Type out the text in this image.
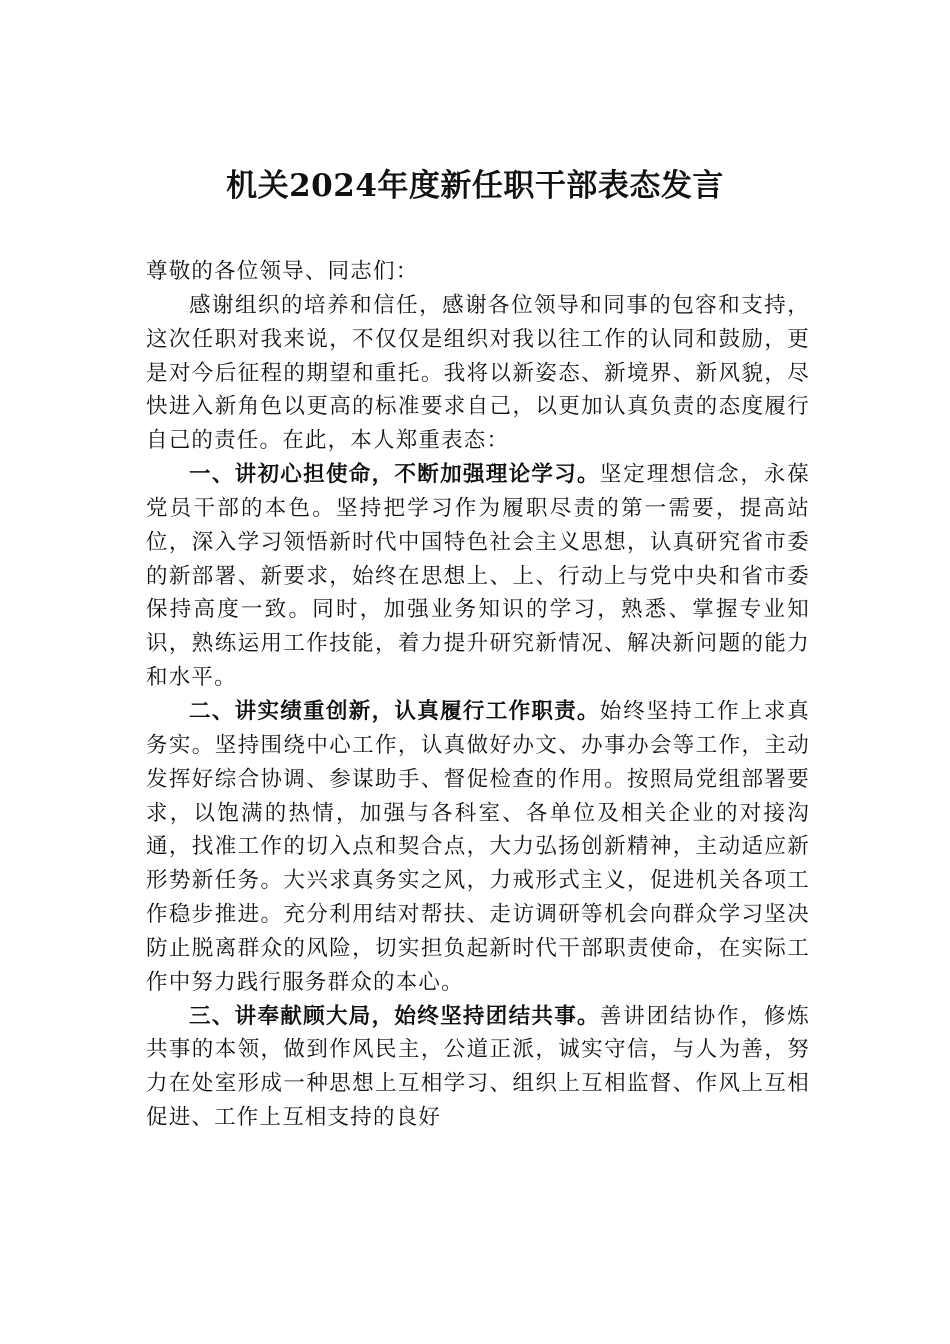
机关2024年度新任职干部表态发言

尊敬的各位领导、同志们：

感谢组织的培养和信任，感谢各位领导和同事的包容和支持，这次任职对我来说，不仅仅是组织对我以往工作的认同和鼓励，更是对今后征程的期望和重托。我将以新姿态、新境界、新风貌，尽快进入新角色以更高的标准要求自己，以更加认真负责的态度履行自己的责任。在此，本人郑重表态：

一、讲初心担使命，不断加强理论学习。坚定理想信念，永葆党员干部的本色。坚持把学习作为履职尽责的第一需要，提高站位，深入学习领悟新时代中国特色社会主义思想，认真研究省市委的新部署、新要求，始终在思想上、上、行动上与党中央和省市委保持高度一致。同时，加强业务知识的学习，熟悉、掌握专业知识，熟练运用工作技能，着力提升研究新情况、解决新问题的能力和水平。

二、讲实绩重创新，认真履行工作职责。始终坚持工作上求真务实。坚持围绕中心工作，认真做好办文、办事办会等工作，主动发挥好综合协调、参谋助手、督促检查的作用。按照局党组部署要求，以饱满的热情，加强与各科室、各单位及相关企业的对接沟通，找准工作的切入点和契合点，大力弘扬创新精神，主动适应新形势新任务。大兴求真务实之风，力戒形式主义，促进机关各项工作稳步推进。充分利用结对帮扶、走访调研等机会向群众学习坚决防止脱离群众的风险，切实担负起新时代干部职责使命，在实际工作中努力践行服务群众的本心。

三、讲奉献顾大局，始终坚持团结共事。善讲团结协作，修炼共事的本领，做到作风民主，公道正派，诚实守信，与人为善，努力在处室形成一种思想上互相学习、组织上互相监督、作风上互相促进、工作上互相支持的良好
